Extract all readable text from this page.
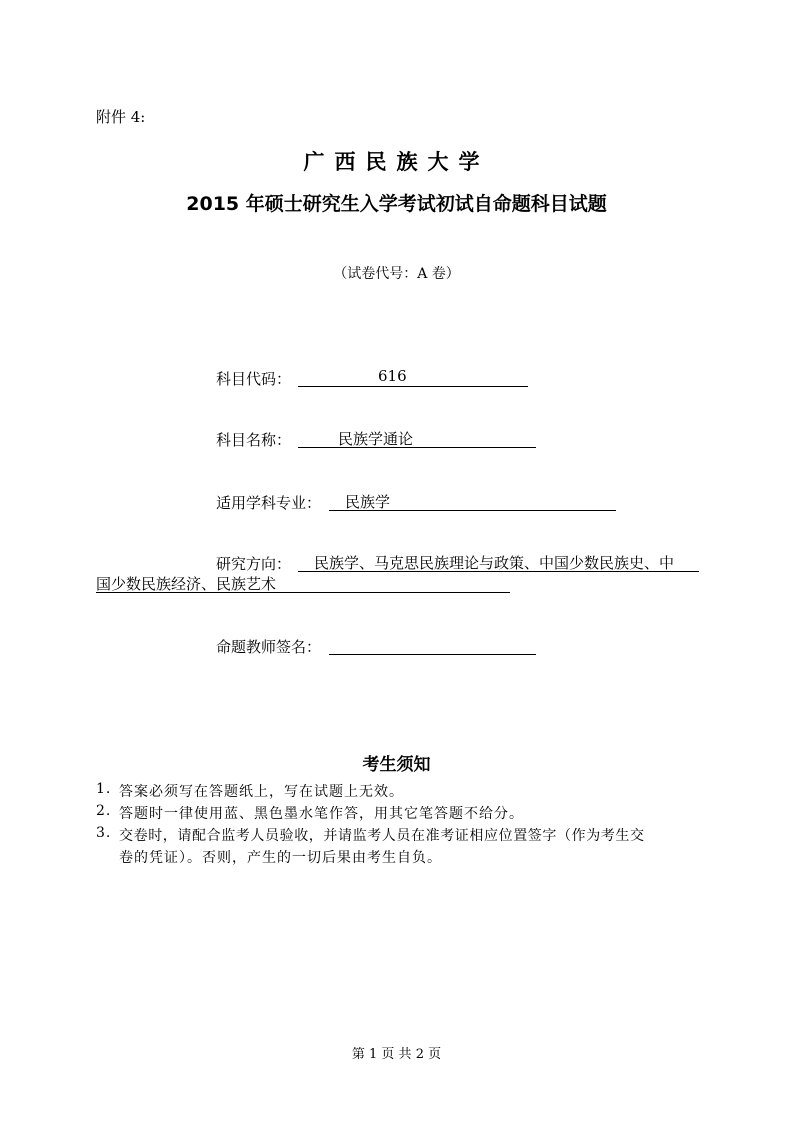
附件 4:
广西民族大学
2015 年硕士研究生入学考试初试自命题科目试题
（试卷代号：A 卷）
科目代码：	616
科目名称：	民族学通论
适用学科专业： 民族学
研究方向： 民族学、马克思民族理论与政策、中国少数民族史、中
国少数民族经济、民族艺术
命题教师签名：
考生须知
1. 答案必须写在答题纸上，写在试题上无效。
2. 答题时一律使用蓝、黑色墨水笔作答，用其它笔答题不给分。
3. 交卷时，请配合监考人员验收，并请监考人员在准考证相应位置签字（作为考生交
卷的凭证）。否则，产生的一切后果由考生自负。
第 1 页 共 2 页
